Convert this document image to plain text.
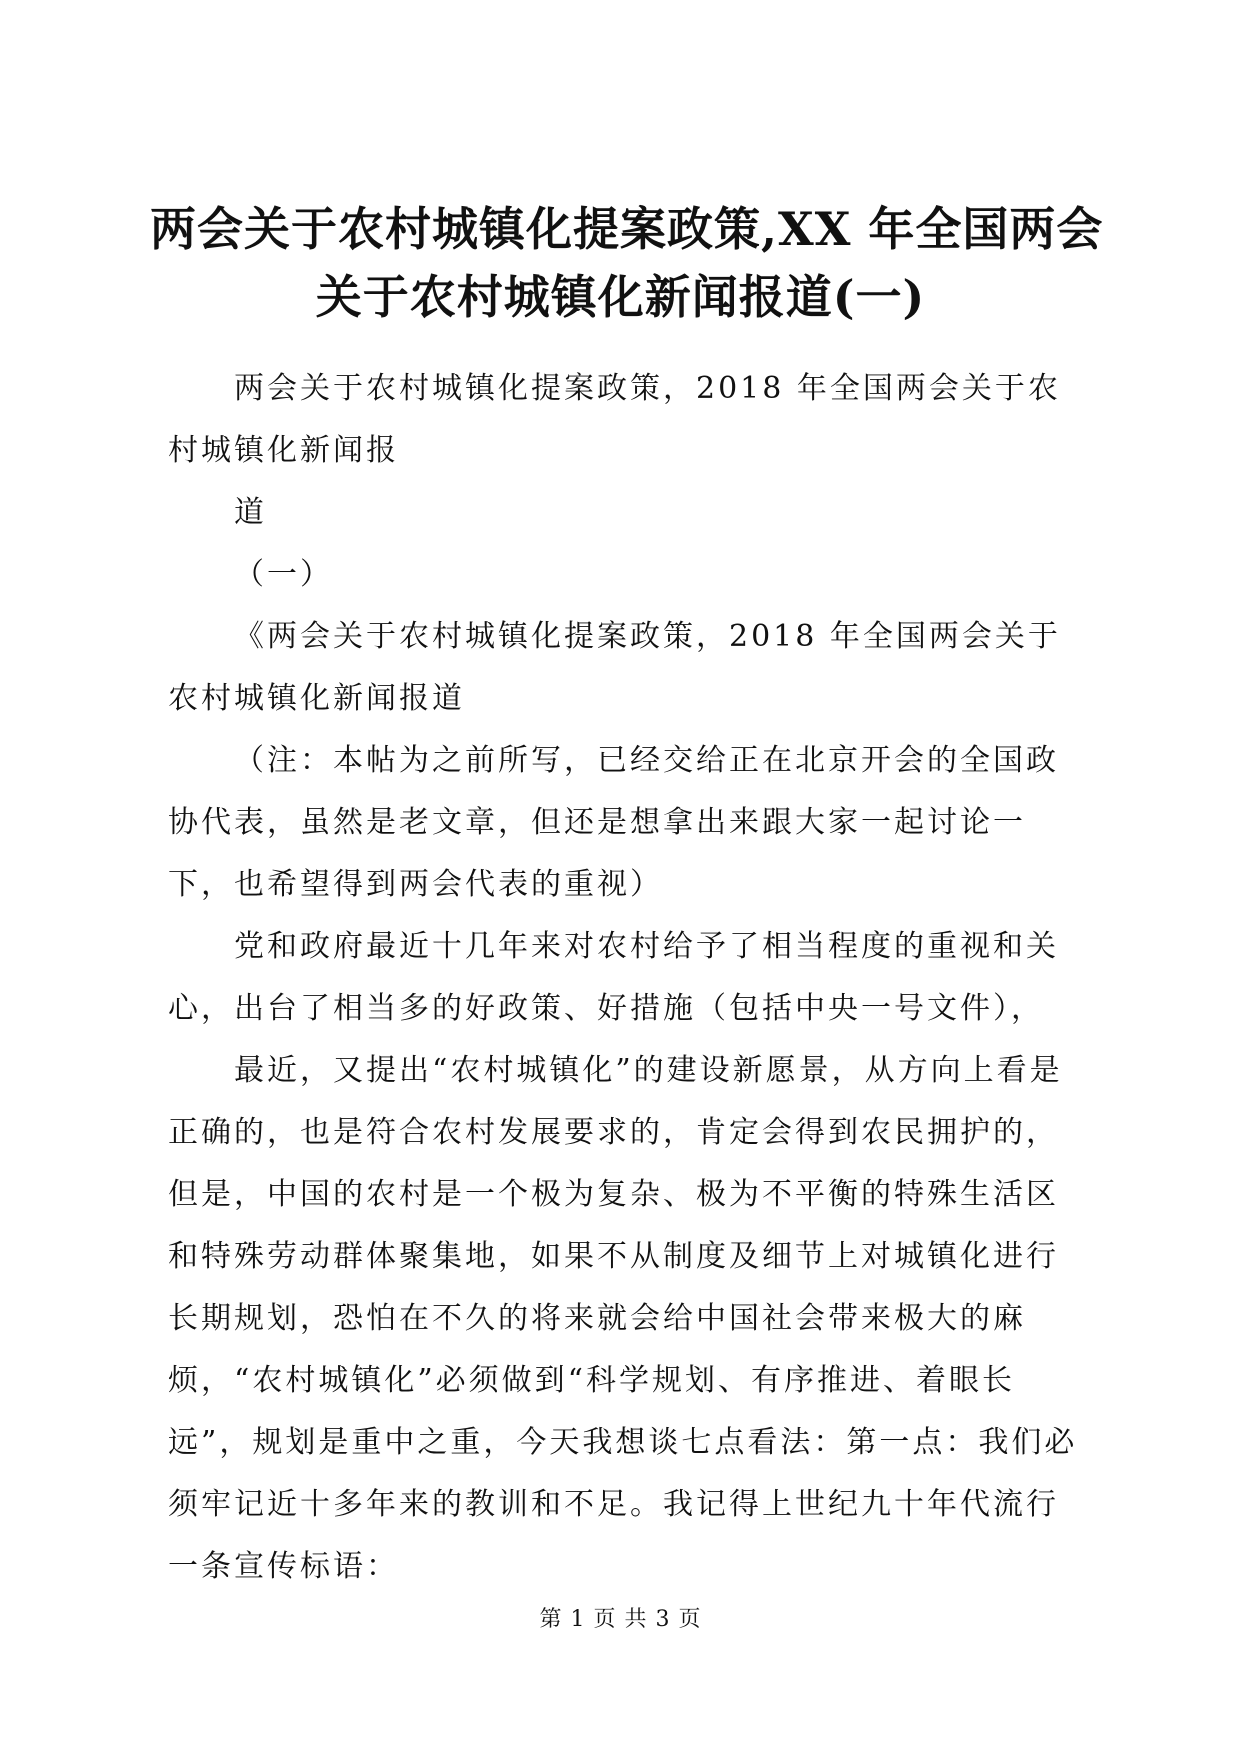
两会关于农村城镇化提案政策,XX 年全国两会
关于农村城镇化新闻报道(一)

两会关于农村城镇化提案政策，2018 年全国两会关于农村城镇化新闻报

道

（一）

《两会关于农村城镇化提案政策，2018 年全国两会关于农村城镇化新闻报道

（注：本帖为之前所写，已经交给正在北京开会的全国政协代表，虽然是老文章，但还是想拿出来跟大家一起讨论一下，也希望得到两会代表的重视）

党和政府最近十几年来对农村给予了相当程度的重视和关心，出台了相当多的好政策、好措施（包括中央一号文件），

最近，又提出“农村城镇化”的建设新愿景，从方向上看是正确的，也是符合农村发展要求的，肯定会得到农民拥护的，但是，中国的农村是一个极为复杂、极为不平衡的特殊生活区和特殊劳动群体聚集地，如果不从制度及细节上对城镇化进行长期规划，恐怕在不久的将来就会给中国社会带来极大的麻烦，“农村城镇化”必须做到“科学规划、有序推进、着眼长远”，规划是重中之重，今天我想谈七点看法：第一点：我们必须牢记近十多年来的教训和不足。我记得上世纪九十年代流行一条宣传标语：

第 1 页 共 3 页
